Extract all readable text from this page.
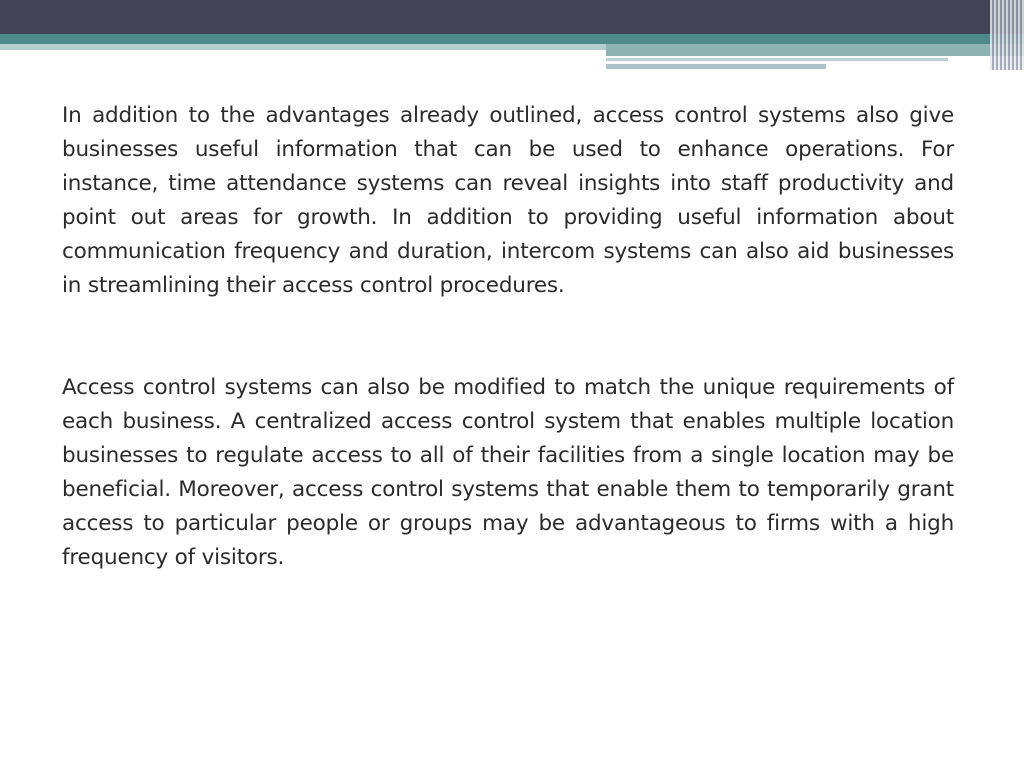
In addition to the advantages already outlined, access control systems also give businesses useful information that can be used to enhance operations. For instance, time attendance systems can reveal insights into staff productivity and point out areas for growth. In addition to providing useful information about communication frequency and duration, intercom systems can also aid businesses in streamlining their access control procedures.

Access control systems can also be modified to match the unique requirements of each business. A centralized access control system that enables multiple location businesses to regulate access to all of their facilities from a single location may be beneficial. Moreover, access control systems that enable them to temporarily grant access to particular people or groups may be advantageous to firms with a high frequency of visitors.
